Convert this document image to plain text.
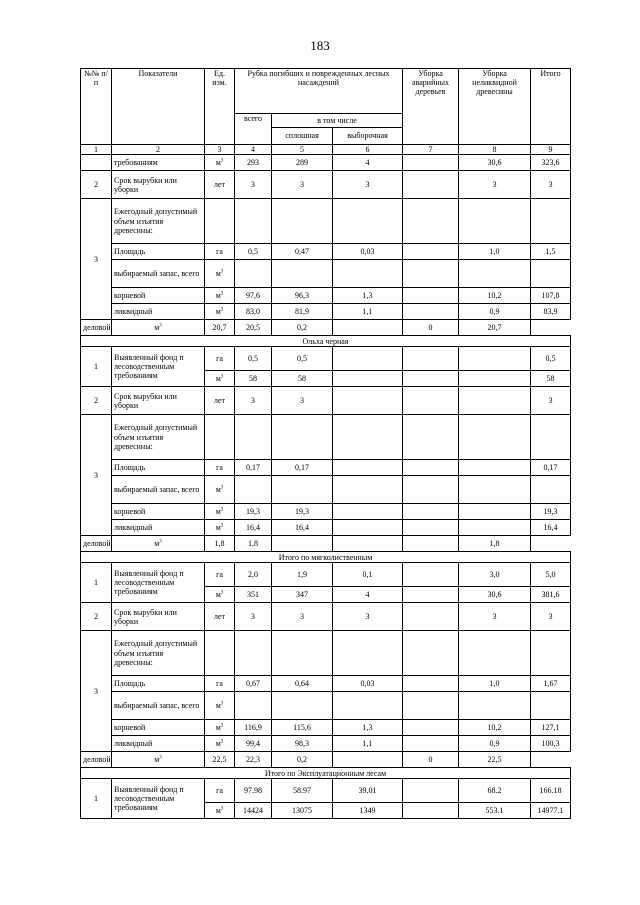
183
№№ п/п	Показатели	Ед. изм.	Рубка погибших и поврежденных лесных насаждений			Уборка аварийных деревьев	Уборка неликвидной древесины	Итого
			всего	в том числе				
				сплошная	выборочная			
1	2	3	4	5	6	7	8	9
	требованиям	$м^3$	293	289	4		30,6	323,6
2	Срок вырубки или уборки	лет	3	3	3		3	3
3	Ежегодный допустимый объем изъятия древесины:							
	Площадь	га	0,5	0,47	0,03		1,0	1,5
	выбираемый запас, всего	$м^3$						
	корневой	$м^3$	97,6	96,3	1,3		10,2	107,8
	ликвидный	$м^3$	83,0	81,9	1,1		0,9	83,9
деловой	$м^3$	20,7	20,5	0,2		0	20,7	
Ольха черная								
1	Выявленный фонд п лесоводственным требованиям	га	0,5	0,5				0,5
		$м^3$	58	58				58
2	Срок вырубки или уборки	лет	3	3				3
3	Ежегодный допустимый объем изъятия древесины:							
	Площадь	га	0,17	0,17				0,17
	выбираемый запас, всего	$м^3$						
	корневой	$м^3$	19,3	19,3				19,3
	ликвидный	$м^3$	16,4	16,4				16,4
деловой	$м^3$	1,8	1,8				1,8	
Итого по мягколиственным								
1	Выявленный фонд п лесоводственным требованиям	га	2,0	1,9	0,1		3,0	5,0
		$м^3$	351	347	4		30,6	381,6
2	Срок вырубки или уборки	лет	3	3	3		3	3
3	Ежегодный допустимый объем изъятия древесины:							
	Площадь	га	0,67	0,64	0,03		1,0	1,67
	выбираемый запас, всего	$м^3$						
	корневой	$м^3$	116,9	115,6	1,3		10,2	127,1
	ликвидный	$м^3$	99,4	98,3	1,1		0,9	100,3
деловой	$м^3$	22,5	22,3	0,2		0	22,5	
Итого по Эксплуатационным лесам								
1	Выявленный фонд п лесоводственным требованиям	га	97.98	58.97	39.01		68.2	166.18
		$м^3$	14424	13075	1349		553.1	14977.1
